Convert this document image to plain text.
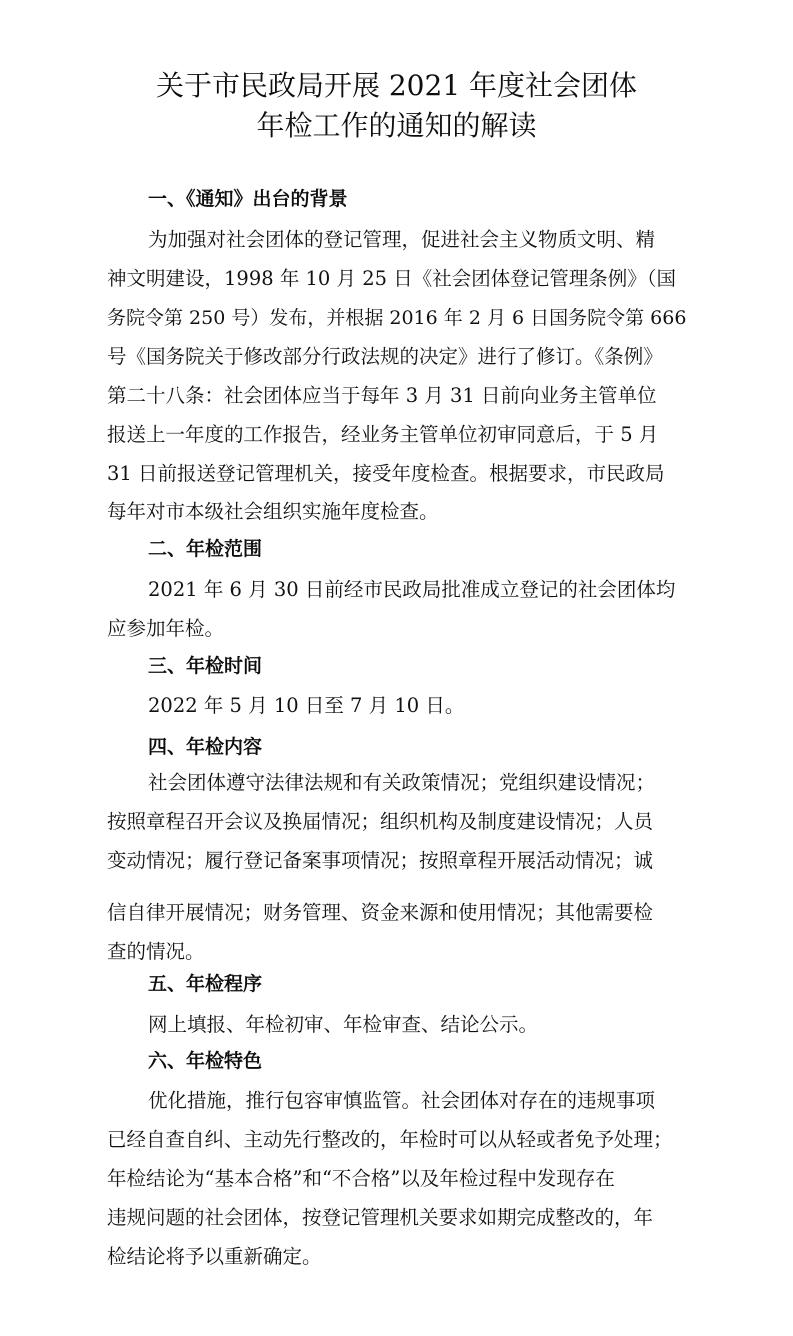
关于市民政局开展 2021 年度社会团体
年检工作的通知的解读
一、《通知》出台的背景

为加强对社会团体的登记管理，促进社会主义物质文明、精

神文明建设，1998 年 10 月 25 日《社会团体登记管理条例》（国

务院令第 250 号）发布，并根据 2016 年 2 月 6 日国务院令第 666

号《国务院关于修改部分行政法规的决定》进行了修订。《条例》

第二十八条：社会团体应当于每年 3 月 31 日前向业务主管单位

报送上一年度的工作报告，经业务主管单位初审同意后，于 5 月

31 日前报送登记管理机关，接受年度检查。根据要求，市民政局

每年对市本级社会组织实施年度检查。

二、年检范围

2021 年 6 月 30 日前经市民政局批准成立登记的社会团体均

应参加年检。

三、年检时间

2022 年 5 月 10 日至 7 月 10 日。

四、年检内容

社会团体遵守法律法规和有关政策情况；党组织建设情况；

按照章程召开会议及换届情况；组织机构及制度建设情况；人员

变动情况；履行登记备案事项情况；按照章程开展活动情况；诚

信自律开展情况；财务管理、资金来源和使用情况；其他需要检

查的情况。

五、年检程序

网上填报、年检初审、年检审查、结论公示。

六、年检特色

优化措施，推行包容审慎监管。社会团体对存在的违规事项

已经自查自纠、主动先行整改的，年检时可以从轻或者免予处理；

年检结论为“基本合格”和“不合格”以及年检过程中发现存在

违规问题的社会团体，按登记管理机关要求如期完成整改的，年

检结论将予以重新确定。
